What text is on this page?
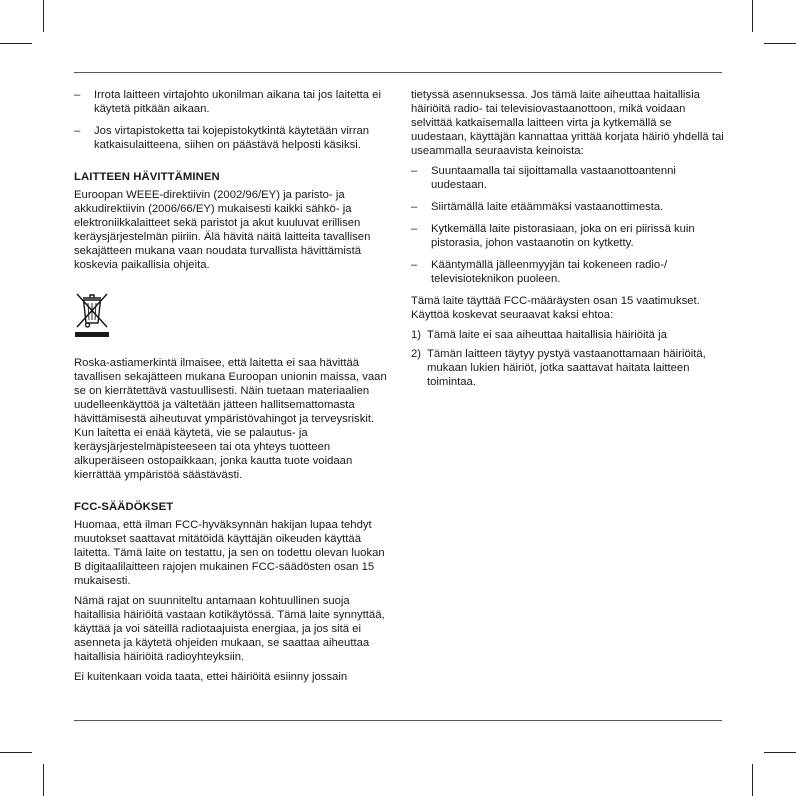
– Irrota laitteen virtajohto ukonilman aikana tai jos laitetta ei käytetä pitkään aikaan.
– Jos virtapistoketta tai kojepistokytkintä käytetään virran katkaisulaitteena, siihen on päästävä helposti käsiksi.
LAITTEEN HÄVITTÄMINEN

Euroopan WEEE-direktiivin (2002/96/EY) ja paristo- ja akkudirektiivin (2006/66/EY) mukaisesti kaikki sähkö- ja elektroniikkalaitteet sekä paristot ja akut kuuluvat erillisen keräysjärjestelmän piiriin. Älä hävitä näitä laitteita tavallisen sekajätteen mukana vaan noudata turvallista hävittämistä koskevia paikallisia ohjeita.

Roska-astiamerkintä ilmaisee, että laitetta ei saa hävittää tavallisen sekajätteen mukana Euroopan unionin maissa, vaan se on kierrätettävä vastuullisesti. Näin tuetaan materiaalien uudelleenkäyttöä ja vältetään jätteen hallitsemattomasta hävittämisestä aiheutuvat ympäristövahingot ja terveysriskit. Kun laitetta ei enää käytetä, vie se palautus- ja keräysjärjestelmäpisteeseen tai ota yhteys tuotteen alkuperäiseen ostopaikkaan, jonka kautta tuote voidaan kierrättää ympäristöä säästävästi.

FCC-SÄÄDÖKSET

Huomaa, että ilman FCC-hyväksynnän hakijan lupaa tehdyt muutokset saattavat mitätöidä käyttäjän oikeuden käyttää laitetta. Tämä laite on testattu, ja sen on todettu olevan luokan B digitaalilaitteen rajojen mukainen FCC-säädösten osan 15 mukaisesti.

Nämä rajat on suunniteltu antamaan kohtuullinen suoja haitallisia häiriöitä vastaan kotikäytössä. Tämä laite synnyttää, käyttää ja voi säteillä radiotaajuista energiaa, ja jos sitä ei asenneta ja käytetä ohjeiden mukaan, se saattaa aiheuttaa haitallisia häiriöitä radioyhteyksiin.

Ei kuitenkaan voida taata, ettei häiriöitä esiinny jossain

tietyssä asennuksessa. Jos tämä laite aiheuttaa haitallisia häiriöitä radio- tai televisiovastaanottoon, mikä voidaan selvittää katkaisemalla laitteen virta ja kytkemällä se uudestaan, käyttäjän kannattaa yrittää korjata häiriö yhdellä tai useammalla seuraavista keinoista:

– Suuntaamalla tai sijoittamalla vastaanottoantenni uudestaan.
– Siirtämällä laite etäämmäksi vastaanottimesta.
– Kytkemällä laite pistorasiaan, joka on eri piirissä kuin pistorasia, johon vastaanotin on kytketty.
– Kääntymällä jälleenmyyjän tai kokeneen radio-/ televisioteknikon puoleen.

Tämä laite täyttää FCC-määräysten osan 15 vaatimukset. Käyttöä koskevat seuraavat kaksi ehtoa:

1) Tämä laite ei saa aiheuttaa haitallisia häiriöitä ja
2) Tämän laitteen täytyy pystyä vastaanottamaan häiriöitä, mukaan lukien häiriöt, jotka saattavat haitata laitteen toimintaa.
